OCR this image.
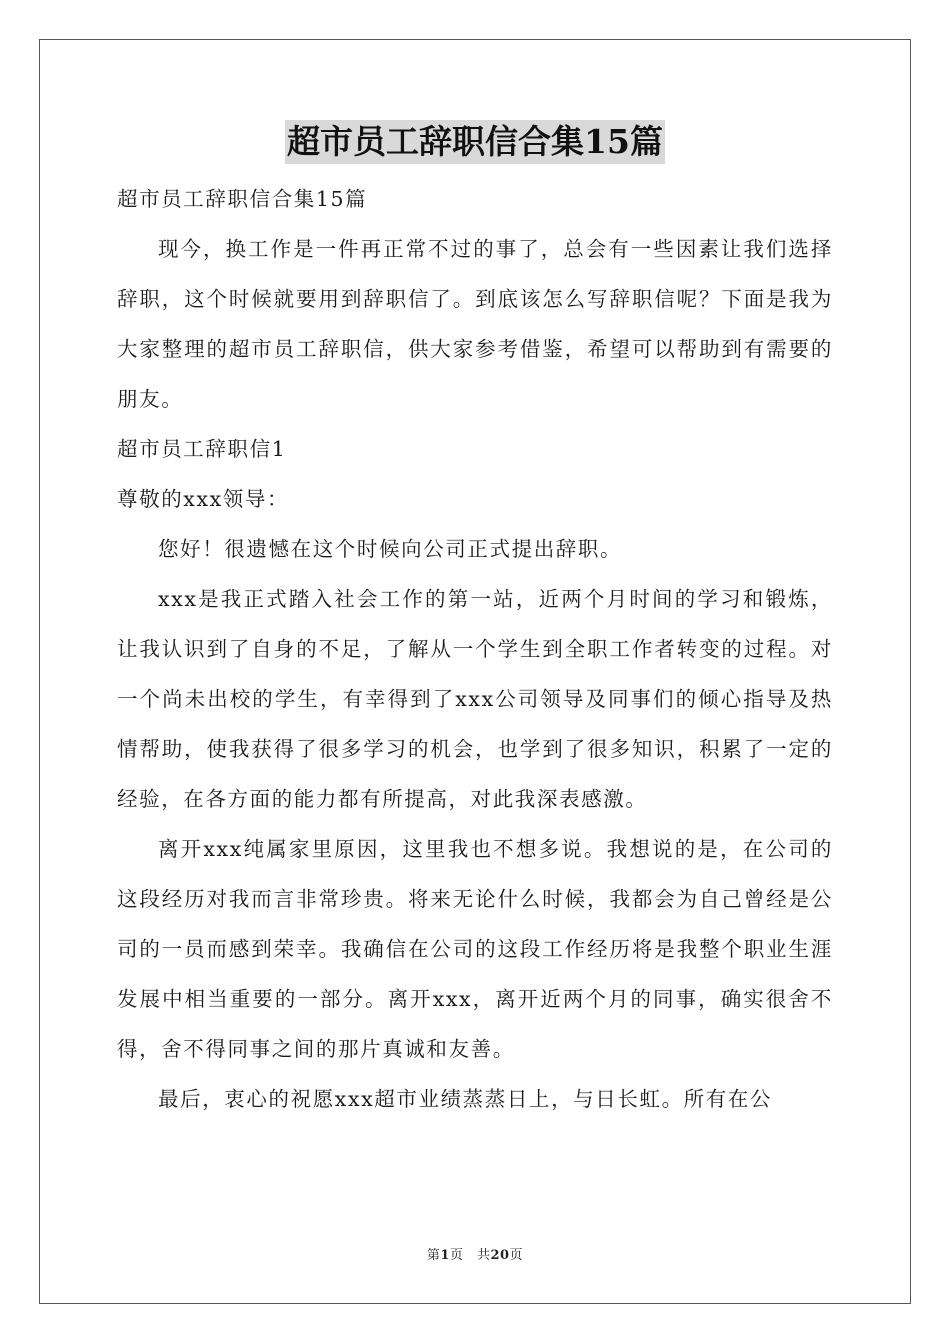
超市员工辞职信合集15篇

超市员工辞职信合集15篇

现今，换工作是一件再正常不过的事了，总会有一些因素让我们选择辞职，这个时候就要用到辞职信了。到底该怎么写辞职信呢？下面是我为大家整理的超市员工辞职信，供大家参考借鉴，希望可以帮助到有需要的朋友。

超市员工辞职信1

尊敬的xxx领导：

您好！很遗憾在这个时候向公司正式提出辞职。

xxx是我正式踏入社会工作的第一站，近两个月时间的学习和锻炼，让我认识到了自身的不足，了解从一个学生到全职工作者转变的过程。对一个尚未出校的学生，有幸得到了xxx公司领导及同事们的倾心指导及热情帮助，使我获得了很多学习的机会，也学到了很多知识，积累了一定的经验，在各方面的能力都有所提高，对此我深表感激。

离开xxx纯属家里原因，这里我也不想多说。我想说的是，在公司的这段经历对我而言非常珍贵。将来无论什么时候，我都会为自己曾经是公司的一员而感到荣幸。我确信在公司的这段工作经历将是我整个职业生涯发展中相当重要的一部分。离开xxx，离开近两个月的同事，确实很舍不得，舍不得同事之间的那片真诚和友善。

最后，衷心的祝愿xxx超市业绩蒸蒸日上，与日长虹。所有在公

第1页　共20页
